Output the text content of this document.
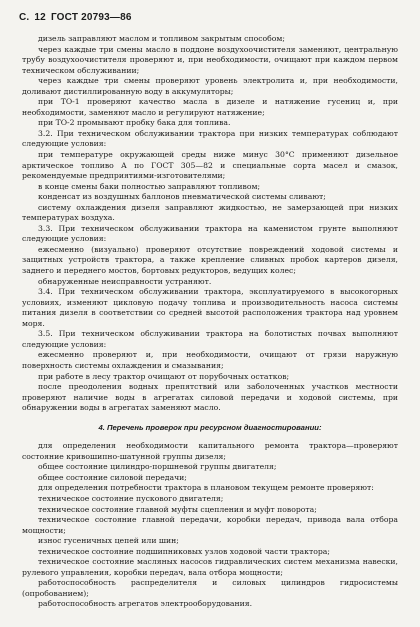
С. 12 ГОСТ 20793—86

дизель заправляют маслом и топливом закрытым способом;

через каждые три смены масло в поддоне воздухоочистителя заменяют, центральную трубу воздухоочистителя проверяют и, при необходимости, очищают при каждом первом техническом обслуживании;

через каждые три смены проверяют уровень электролита и, при необходимости, доливают дистиллированную воду в аккумуляторы;

при ТО-1 проверяют качество масла в дизеле и натяжение гусениц и, при необходимости, заменяют масло и регулируют натяжение;

при ТО-2 промывают пробку бака для топлива.

3.2. При техническом обслуживании трактора при низких температурах соблюдают следующие условия:

при температуре окружающей среды ниже минус 30°С применяют дизельное арктическое топливо А по ГОСТ 305—82 и специальные сорта масел и смазок, рекомендуемые предприятиями-изготовителями;

в конце смены баки полностью заправляют топливом;

конденсат из воздушных баллонов пневматической системы сливают;

систему охлаждения дизеля заправляют жидкостью, не замерзающей при низких температурах воздуха.

3.3. При техническом обслуживании трактора на каменистом грунте выполняют следующие условия:

ежесменно (визуально) проверяют отсутствие повреждений ходовой системы и защитных устройств трактора, а также крепление сливных пробок картеров дизеля, заднего и переднего мостов, бортовых редукторов, ведущих колес;

обнаруженные неисправности устраняют.

3.4. При техническом обслуживании трактора, эксплуатируемого в высокогорных условиях, изменяют цикловую подачу топлива и производительность насоса системы питания дизеля в соответствии со средней высотой расположения трактора над уровнем моря.

3.5. При техническом обслуживании трактора на болотистых почвах выполняют следующие условия:

ежесменно проверяют и, при необходимости, очищают от грязи наружную поверхность системы охлаждения и смазывания;

при работе в лесу трактор очищают от порубочных остатков;

после преодоления водных препятствий или заболоченных участков местности проверяют наличие воды в агрегатах силовой передачи и ходовой системы, при обнаружении воды в агрегатах заменяют масло.

4. Перечень проверок при ресурсном диагностировании:

для определения необходимости капитального ремонта трактора—проверяют состояние кривошипно-шатунной группы дизеля;

общее состояние цилиндро-поршневой группы двигателя;

общее состояние силовой передачи;

для определения потребности трактора в плановом текущем ремонте проверяют:

техническое состояние пускового двигателя;

техническое состояние главной муфты сцепления и муфт поворота;

техническое состояние главной передачи, коробки передач, привода вала отбора мощности;

износ гусеничных цепей или шин;

техническое состояние подшипниковых узлов ходовой части трактора;

техническое состояние масляных насосов гидравлических систем механизма навески, рулевого управления, коробки передач, вала отбора мощности;

работоспособность распределителя и силовых цилиндров гидросистемы (опробованием);

работоспособность агрегатов электрооборудования.
